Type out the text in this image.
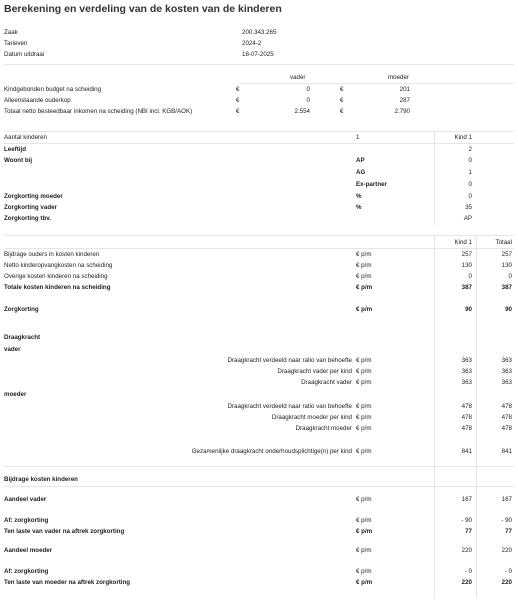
Berekening en verdeling van de kosten van de kinderen
Zaak	200.343.265
Tarieven	2024-2
Datum uitdraai	18-07-2025
vader	moeder
Kindgebonden budget na scheiding	€	0	€	201
Alleenstaande ouderkop	€	0	€	287
Totaal netto besteedbaar inkomen na scheiding (NBI incl. KGB/AOK)	€	2.554	€	2.790
Aantal kinderen	1	Kind 1
Leeftijd	2
Woont bij	AP	0
AG	1
Ex-partner	0
Zorgkorting moeder	%	0
Zorgkorting vader	%	35
Zorgkorting tbv.	AP
Kind 1	Totaal
Bijdrage ouders in kosten kinderen	€ p/m	257	257
Netto kinderopvangkosten na scheiding	€ p/m	130	130
Overige kosten kinderen na scheiding	€ p/m	0	0
Totale kosten kinderen na scheiding	€ p/m	387	387
Zorgkorting	€ p/m	90	90
Draagkracht
vader
Draagkracht verdeeld naar ratio van behoefte € p/m	363	363
Draagkracht vader per kind € p/m	363	363
Draagkracht vader € p/m	363	363
moeder
Draagkracht verdeeld naar ratio van behoefte € p/m	478	478
Draagkracht moeder per kind € p/m	478	478
Draagkracht moeder € p/m	478	478
Gezamenlijke draagkracht onderhoudsplichtige(n) per kind € p/m	841	841
Bijdrage kosten kinderen
Aandeel vader	€ p/m	167	167
Af: zorgkorting	€ p/m	- 90	- 90
Ten laste van vader na aftrek zorgkorting	€ p/m	77	77
Aandeel moeder	€ p/m	220	220
Af: zorgkorting	€ p/m	- 0	- 0
Ten laste van moeder na aftrek zorgkorting	€ p/m	220	220
